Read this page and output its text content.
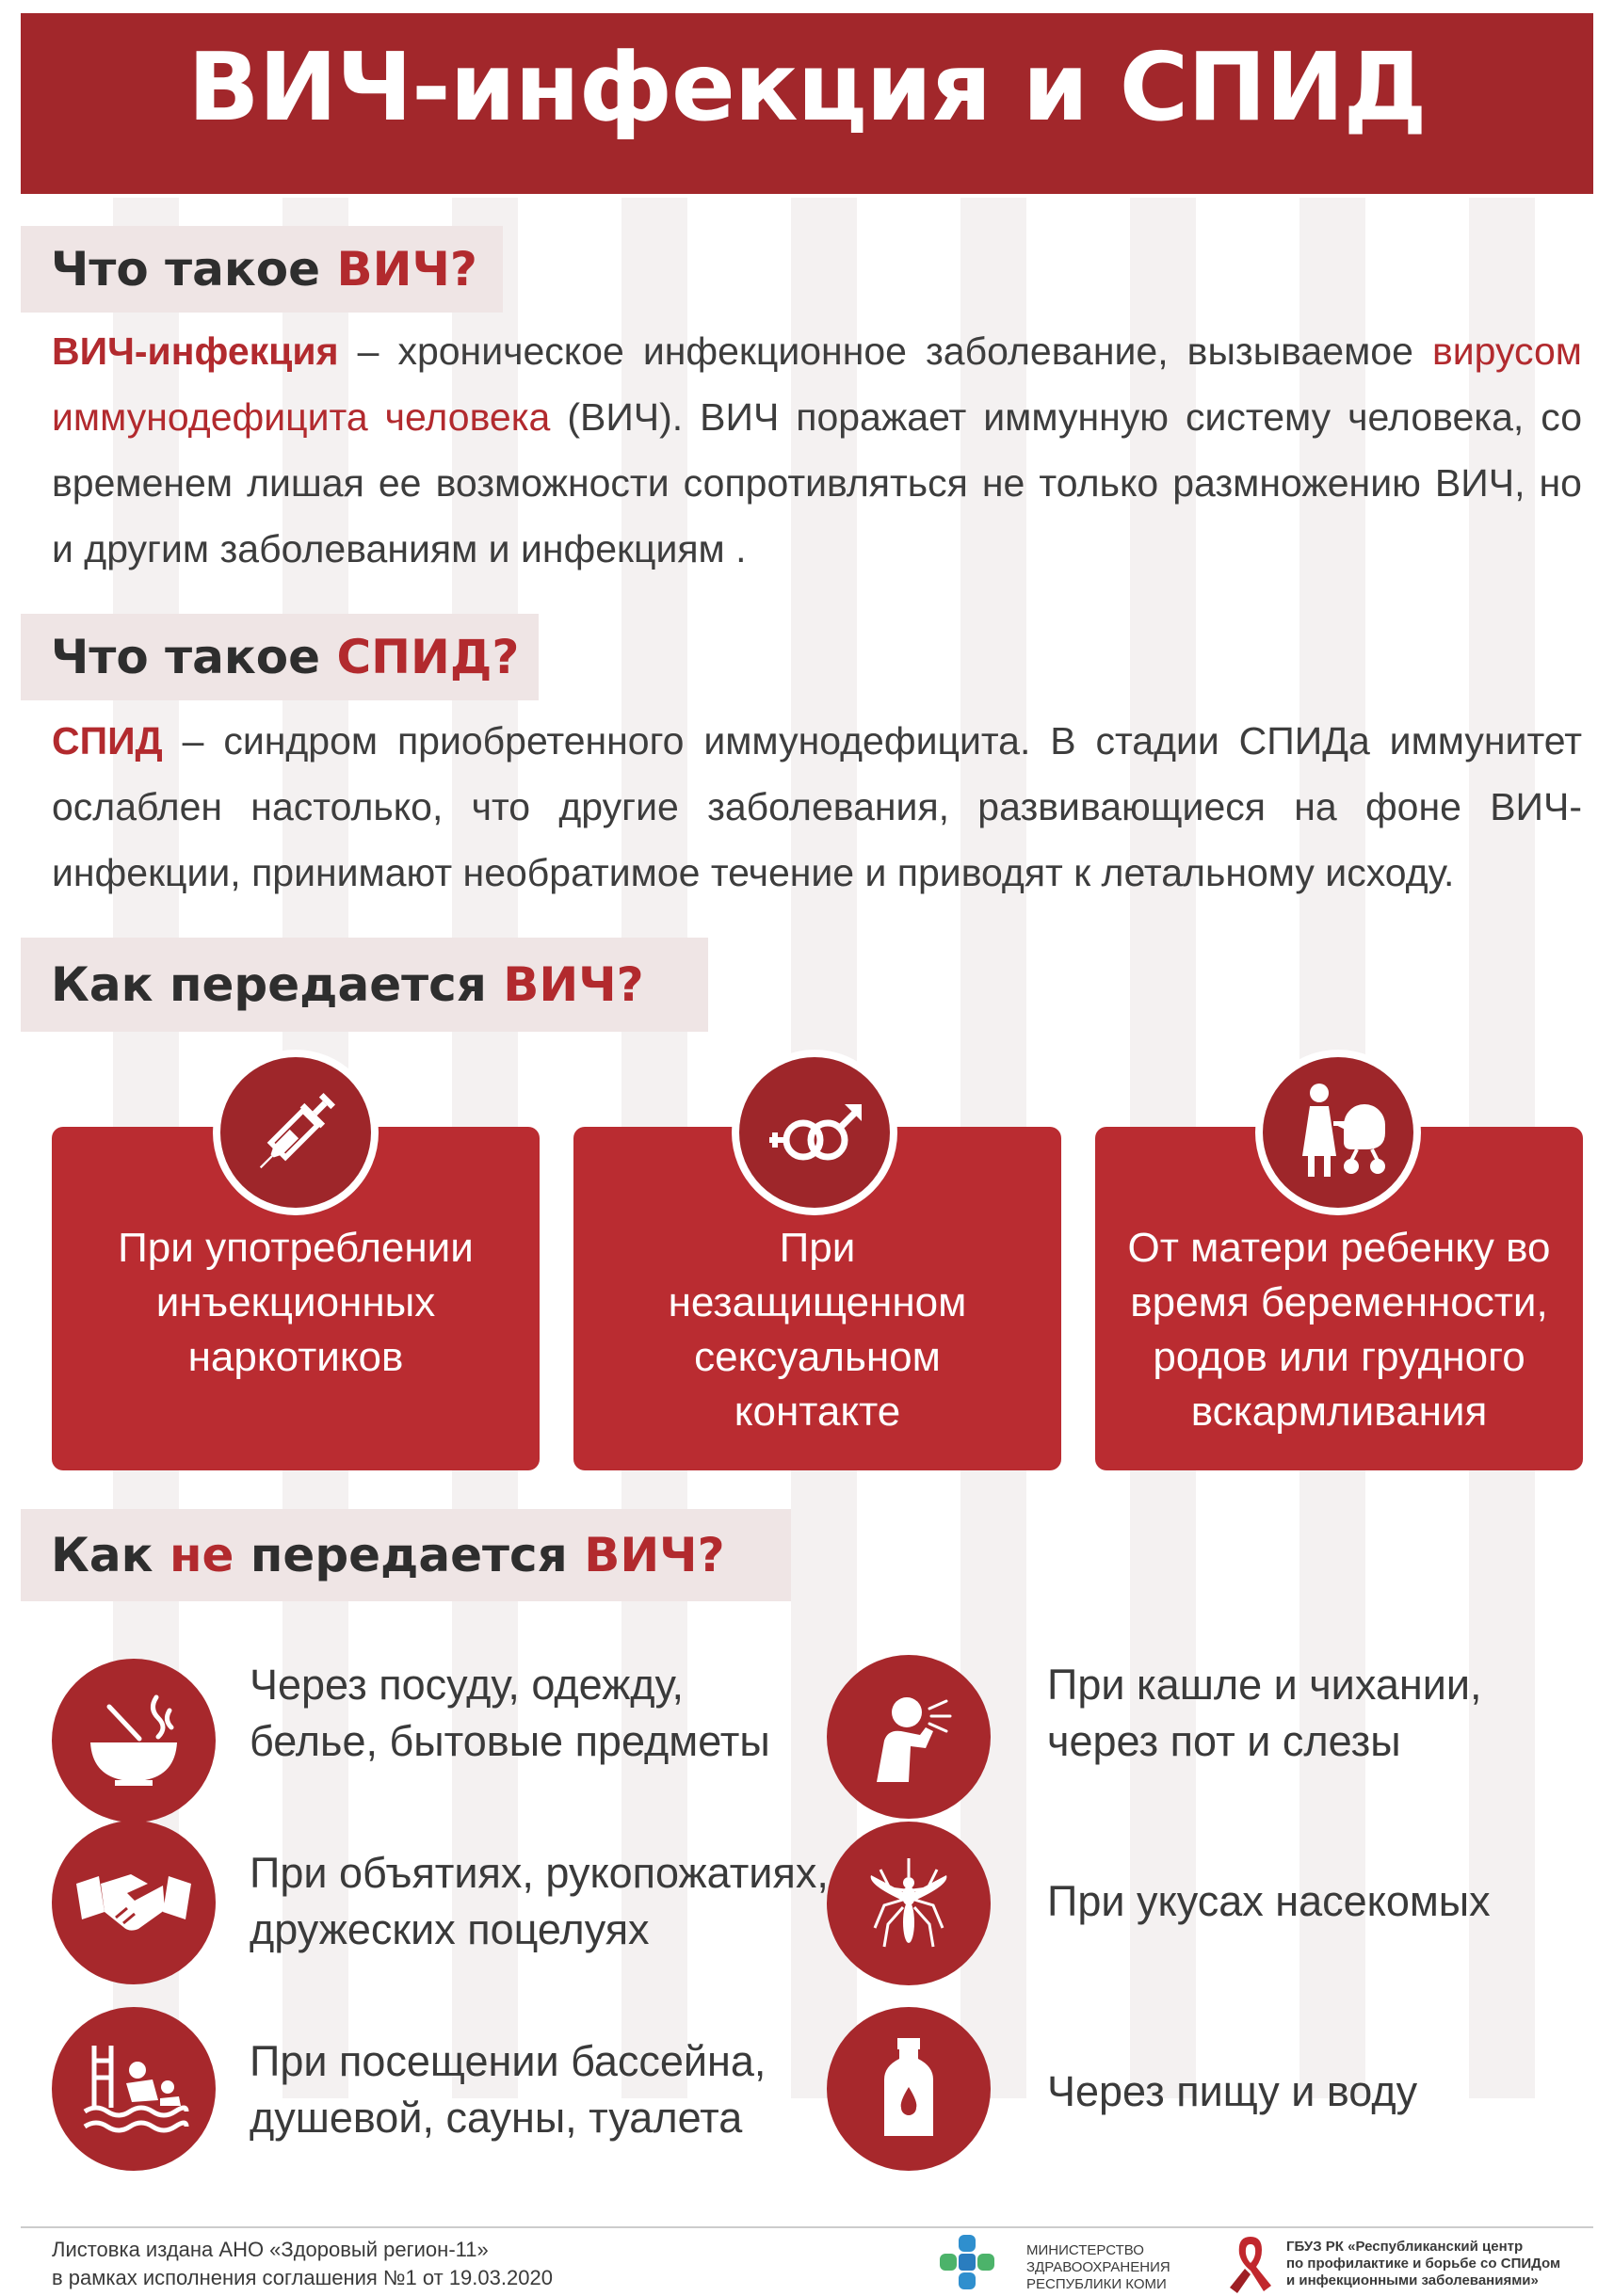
ВИЧ-инфекция и СПИД
Что такое ВИЧ?
ВИЧ-инфекция – хроническое инфекционное заболевание, вызываемое вирусом иммунодефицита человека (ВИЧ). ВИЧ поражает иммунную систему человека, со временем лишая ее возможности сопротивляться не только размножению ВИЧ, но и другим заболеваниям и инфекциям .
Что такое СПИД?
СПИД – синдром приобретенного иммунодефицита. В стадии СПИДа иммунитет ослаблен настолько, что другие заболевания, развивающиеся на фоне ВИЧ-инфекции, принимают необратимое течение и приводят к летальному исходу.
Как передается ВИЧ?
При употреблении инъекционных наркотиков
При незащищенном сексуальном контакте
От матери ребенку во время беременности, родов или грудного вскармливания
Как не передается ВИЧ?
Через посуду, одежду,
белье, бытовые предметы
При объятиях, рукопожатиях,
дружеских поцелуях
При посещении бассейна,
душевой, сауны, туалета
При кашле и чихании,
через пот и слезы
При укусах насекомых
Через пищу и воду
Листовка издана АНО «Здоровый регион-11»
в рамках исполнения соглашения №1 от 19.03.2020
МИНИСТЕРСТВО
ЗДРАВООХРАНЕНИЯ
РЕСПУБЛИКИ КОМИ
ГБУЗ РК «Республиканский центр
по профилактике и борьбе со СПИДом
и инфекционными заболеваниями»
